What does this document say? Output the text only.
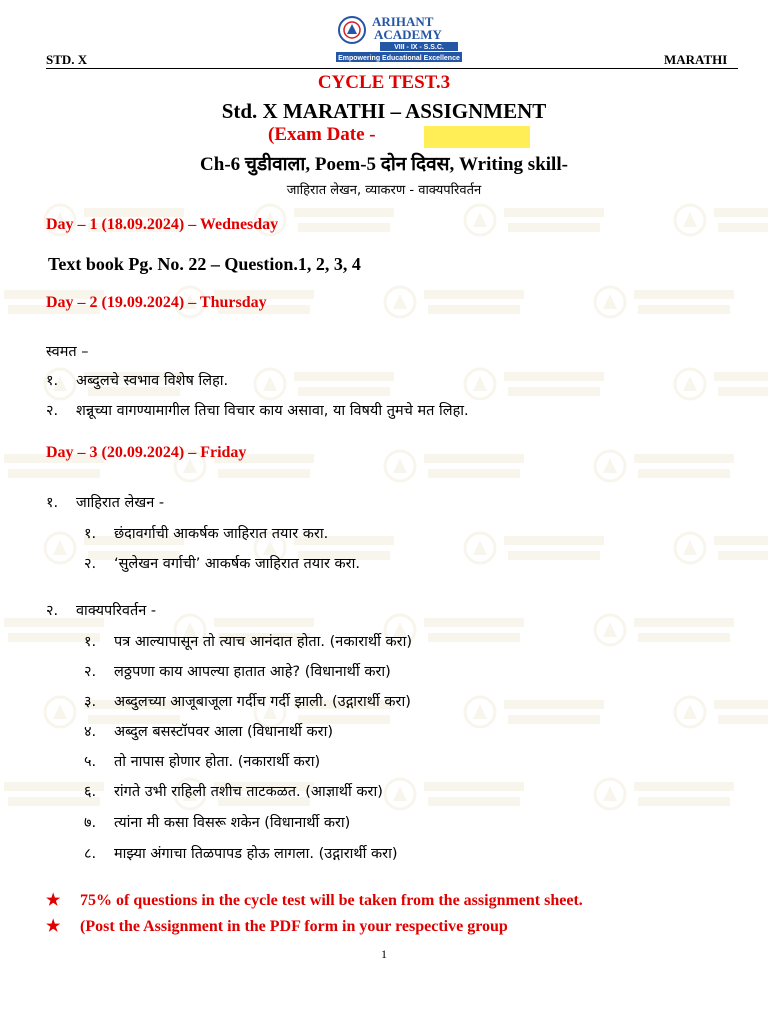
ARIHANT
ACADEMY
VIII - IX - S.S.C.
Empowering Educational Excellence
STD. X	MARATHI
CYCLE TEST.3
Std. X MARATHI – ASSIGNMENT
(Exam Date -
Ch-6 चुडीवाला, Poem-5 दोन दिवस, Writing skill-
जाहिरात लेखन, व्याकरण - वाक्यपरिवर्तन
Day – 1 (18.09.2024) – Wednesday
Text book Pg. No. 22 – Question.1, 2, 3, 4
Day – 2 (19.09.2024) – Thursday
स्वमत –
१. अब्दुलचे स्वभाव विशेष लिहा.
२. शन्नूच्या वागण्यामागील तिचा विचार काय असावा, या विषयी तुमचे मत लिहा.
Day – 3 (20.09.2024) – Friday
१. जाहिरात लेखन -
१. छंदावर्गाची आकर्षक जाहिरात तयार करा.
२. ‘सुलेखन वर्गाची’ आकर्षक जाहिरात तयार करा.
२. वाक्यपरिवर्तन -
१. पत्र आल्यापासून तो त्याच आनंदात होता. (नकारार्थी करा)
२. लठ्ठपणा काय आपल्या हातात आहे? (विधानार्थी करा)
३. अब्दुलच्या आजूबाजूला गर्दीच गर्दी झाली. (उद्गारार्थी करा)
४. अब्दुल बसस्टॉपवर आला (विधानार्थी करा)
५. तो नापास होणार होता. (नकारार्थी करा)
६. रांगते उभी राहिली तशीच ताटकळत. (आज्ञार्थी करा)
७. त्यांना मी कसा विसरू शकेन (विधानार्थी करा)
८. माझ्या अंगाचा तिळपापड होऊ लागला. (उद्गारार्थी करा)
★ 75% of questions in the cycle test will be taken from the assignment sheet.
★ (Post the Assignment in the PDF form in your respective group
1
